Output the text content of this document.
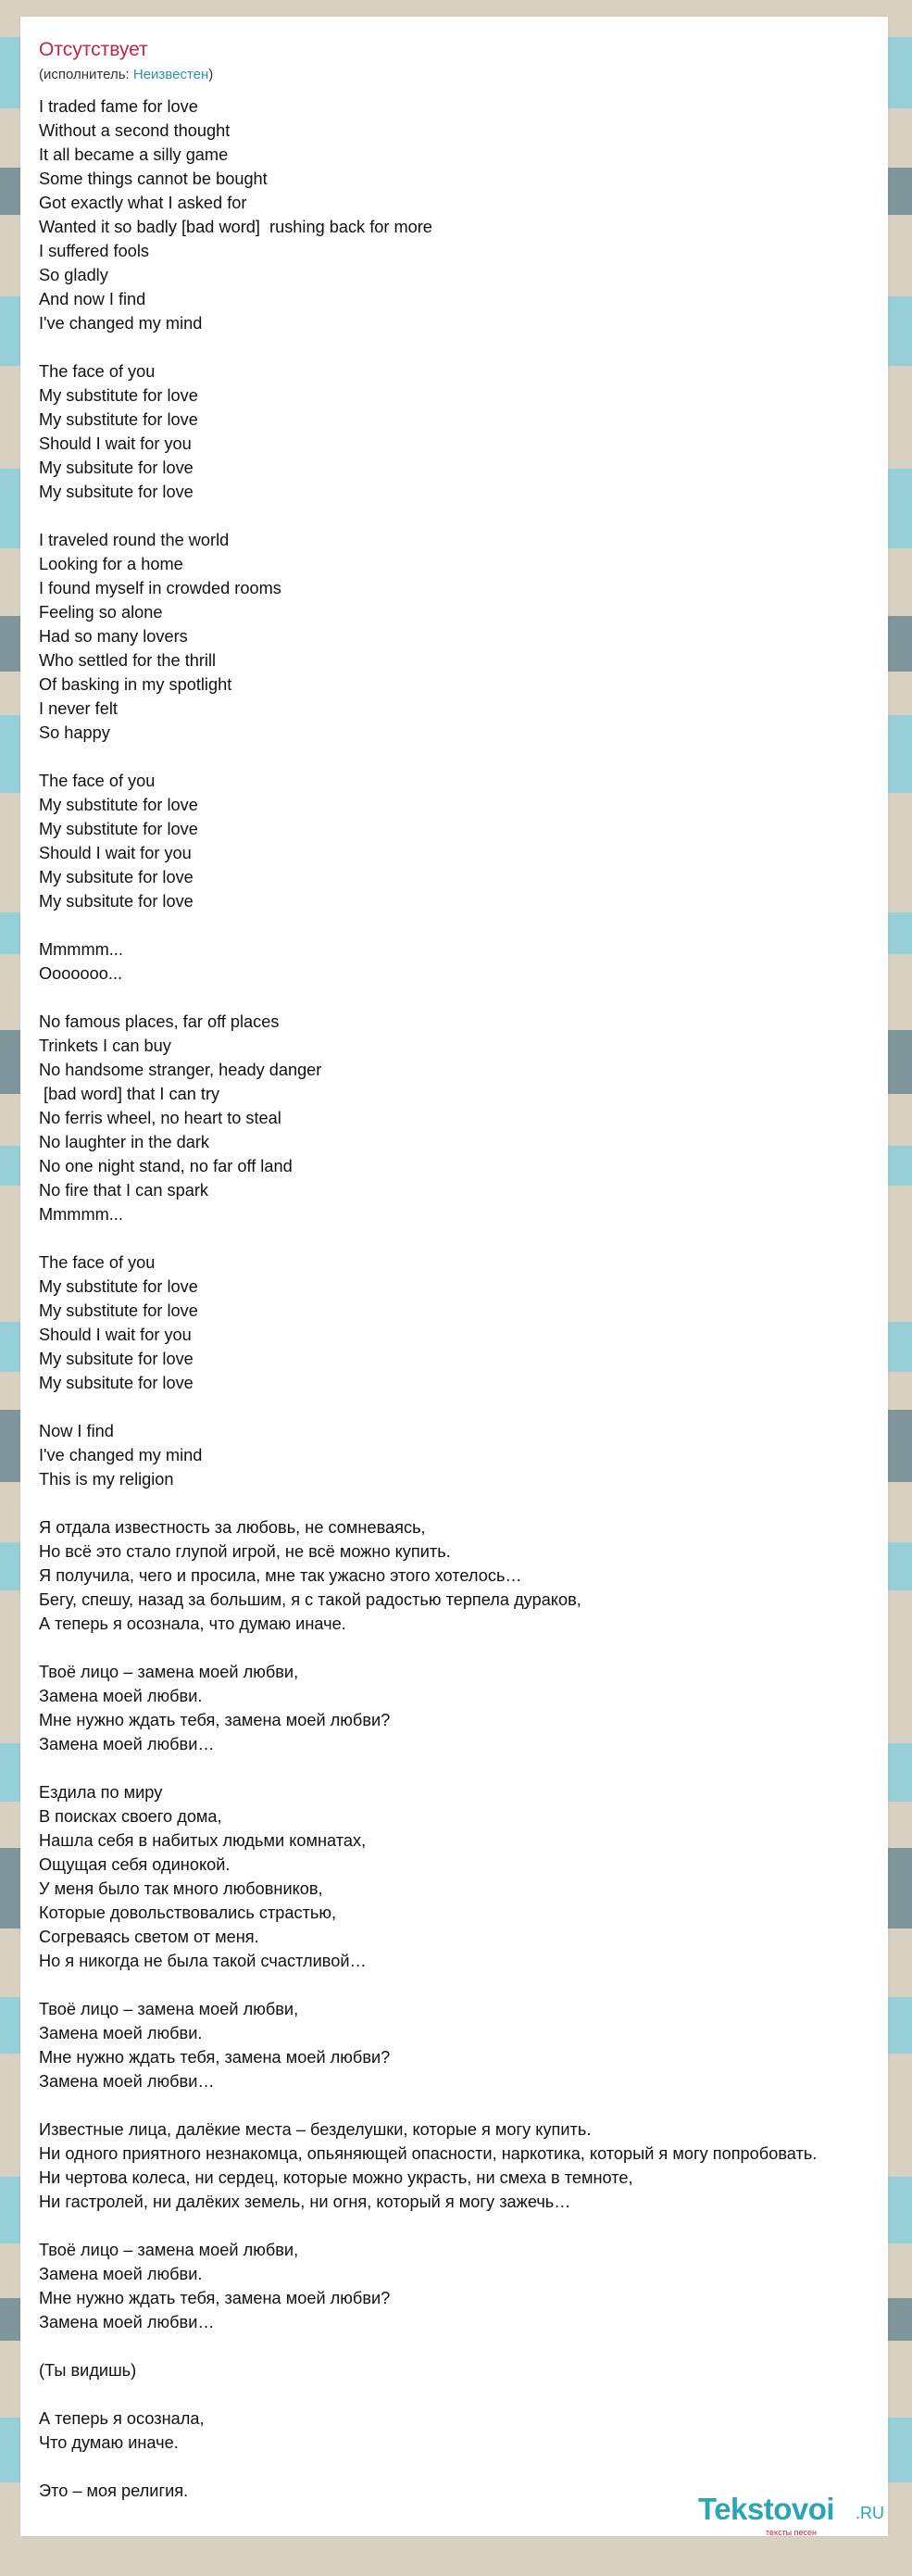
Отсутствует
(исполнитель: Неизвестен)
I traded fame for love
Without a second thought
It all became a silly game
Some things cannot be bought
Got exactly what I asked for
Wanted it so badly [bad word]  rushing back for more
I suffered fools
So gladly
And now I find
I've changed my mind
The face of you
My substitute for love
My substitute for love
Should I wait for you
My subsitute for love
My subsitute for love
I traveled round the world
Looking for a home
I found myself in crowded rooms
Feeling so alone
Had so many lovers
Who settled for the thrill
Of basking in my spotlight
I never felt
So happy
The face of you
My substitute for love
My substitute for love
Should I wait for you
My subsitute for love
My subsitute for love
Mmmmm...
Ooooooo...
No famous places, far off places
Trinkets I can buy
No handsome stranger, heady danger
[bad word] that I can try
No ferris wheel, no heart to steal
No laughter in the dark
No one night stand, no far off land
No fire that I can spark
Mmmmm...
The face of you
My substitute for love
My substitute for love
Should I wait for you
My subsitute for love
My subsitute for love
Now I find
I've changed my mind
This is my religion
Я отдала известность за любовь, не сомневаясь,
Но всё это стало глупой игрой, не всё можно купить.
Я получила, чего и просила, мне так ужасно этого хотелось…
Бегу, спешу, назад за большим, я с такой радостью терпела дураков,
А теперь я осознала, что думаю иначе.
Твоё лицо – замена моей любви,
Замена моей любви.
Мне нужно ждать тебя, замена моей любви?
Замена моей любви…
Ездила по миру
В поисках своего дома,
Нашла себя в набитых людьми комнатах,
Ощущая себя одинокой.
У меня было так много любовников,
Которые довольствовались страстью,
Согреваясь светом от меня.
Но я никогда не была такой счастливой…
Твоё лицо – замена моей любви,
Замена моей любви.
Мне нужно ждать тебя, замена моей любви?
Замена моей любви…
Известные лица, далёкие места – безделушки, которые я могу купить.
Ни одного приятного незнакомца, опьяняющей опасности, наркотика, который я могу попробовать.
Ни чертова колеса, ни сердец, которые можно украсть, ни смеха в темноте,
Ни гастролей, ни далёких земель, ни огня, который я могу зажечь…
Твоё лицо – замена моей любви,
Замена моей любви.
Мне нужно ждать тебя, замена моей любви?
Замена моей любви…
(Ты видишь)
А теперь я осознала,
Что думаю иначе.
Это – моя религия.
Tekstovoi .RU
тексты песен
